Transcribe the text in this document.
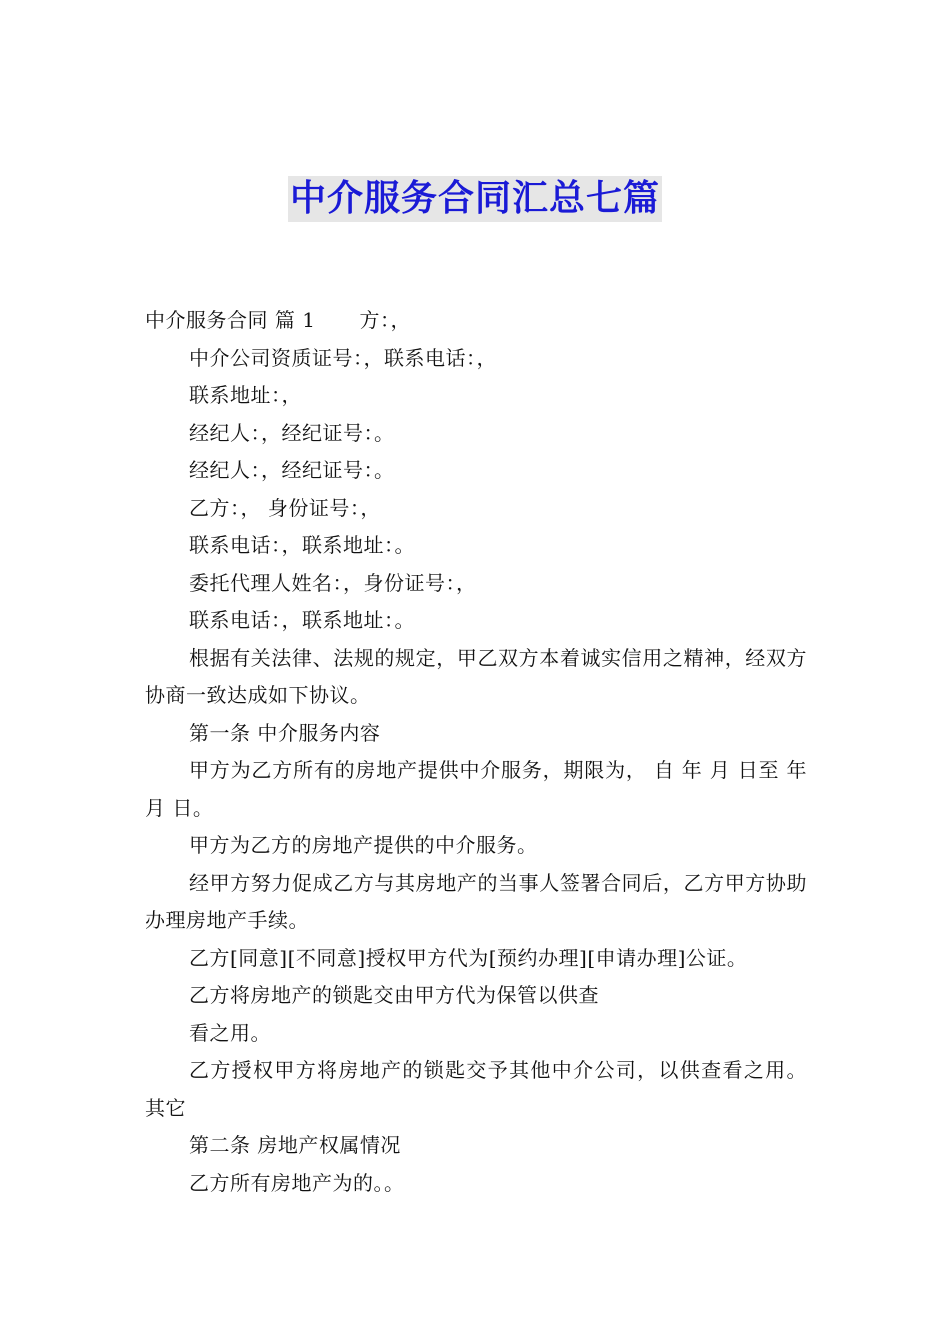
中介服务合同汇总七篇

中介服务合同 篇 1 方：，

中介公司资质证号：，联系电话：，

联系地址：，

经纪人：，经纪证号：。

经纪人：，经纪证号：。

乙方：， 身份证号：，

联系电话：，联系地址：。

委托代理人姓名：，身份证号：，

联系电话：，联系地址：。

根据有关法律、法规的规定，甲乙双方本着诚实信用之精神，经双方协商一致达成如下协议。

第一条 中介服务内容

甲方为乙方所有的房地产提供中介服务，期限为， 自 年 月 日至 年 月 日。

甲方为乙方的房地产提供的中介服务。

经甲方努力促成乙方与其房地产的当事人签署合同后，乙方甲方协助办理房地产手续。

乙方[同意][不同意]授权甲方代为[预约办理][申请办理]公证。

乙方将房地产的锁匙交由甲方代为保管以供查

看之用。

乙方授权甲方将房地产的锁匙交予其他中介公司，以供查看之用。 其它

第二条 房地产权属情况

乙方所有房地产为的。。
